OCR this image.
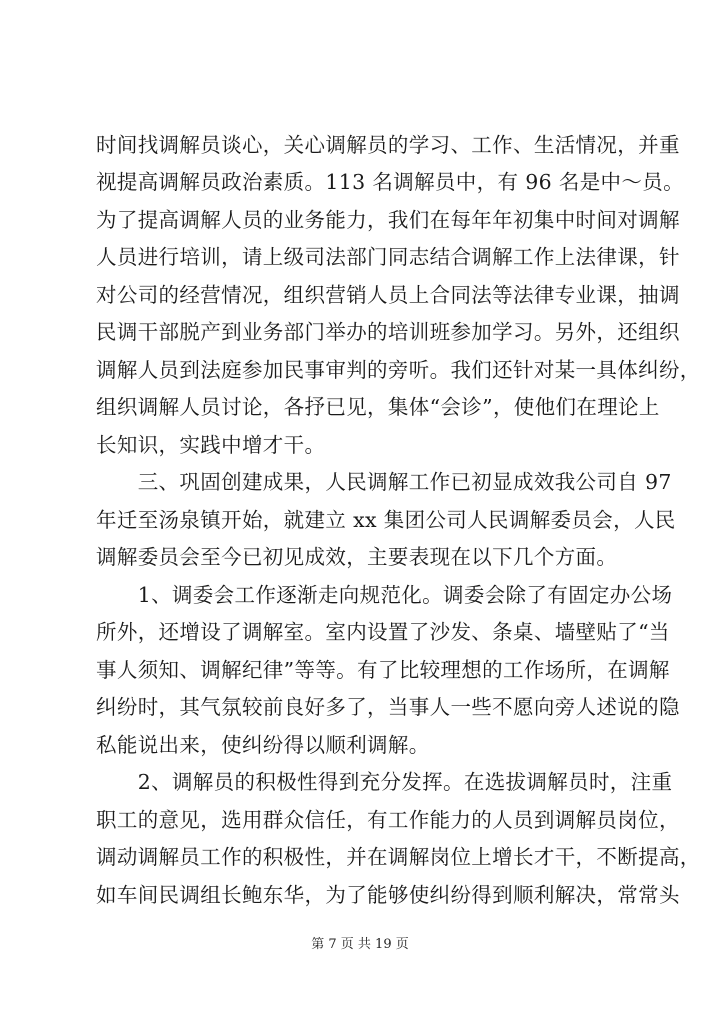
时间找调解员谈心，关心调解员的学习、工作、生活情况，并重
视提高调解员政治素质。113 名调解员中，有 96 名是中～员。
为了提高调解人员的业务能力，我们在每年年初集中时间对调解
人员进行培训，请上级司法部门同志结合调解工作上法律课，针
对公司的经营情况，组织营销人员上合同法等法律专业课，抽调
民调干部脱产到业务部门举办的培训班参加学习。另外，还组织
调解人员到法庭参加民事审判的旁听。我们还针对某一具体纠纷，
组织调解人员讨论，各抒已见，集体“会诊”，使他们在理论上
长知识，实践中增才干。
　　三、巩固创建成果，人民调解工作已初显成效我公司自 97
年迁至汤泉镇开始，就建立 xx 集团公司人民调解委员会，人民
调解委员会至今已初见成效，主要表现在以下几个方面。
　　1、调委会工作逐渐走向规范化。调委会除了有固定办公场
所外，还增设了调解室。室内设置了沙发、条桌、墙壁贴了“当
事人须知、调解纪律”等等。有了比较理想的工作场所，在调解
纠纷时，其气氛较前良好多了，当事人一些不愿向旁人述说的隐
私能说出来，使纠纷得以顺利调解。
　　2、调解员的积极性得到充分发挥。在选拔调解员时，注重
职工的意见，选用群众信任，有工作能力的人员到调解员岗位，
调动调解员工作的积极性，并在调解岗位上增长才干，不断提高，
如车间民调组长鲍东华，为了能够使纠纷得到顺利解决，常常头
第 7 页 共 19 页
